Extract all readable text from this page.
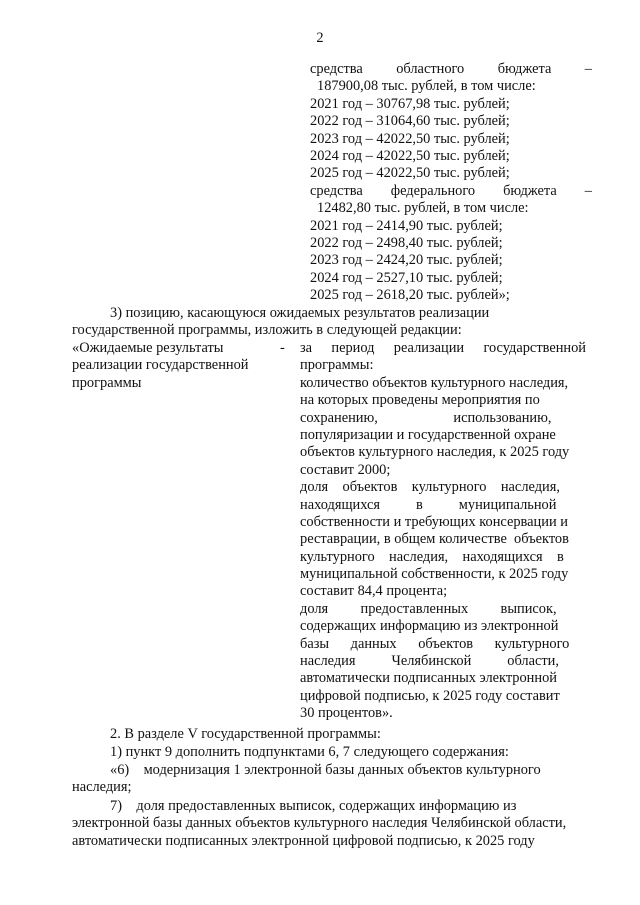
2
средства областного бюджета –
187900,08 тыс. рублей, в том числе:
2021 год – 30767,98 тыс. рублей;
2022 год – 31064,60 тыс. рублей;
2023 год – 42022,50 тыс. рублей;
2024 год – 42022,50 тыс. рублей;
2025 год – 42022,50 тыс. рублей;
средства федерального бюджета –
12482,80 тыс. рублей, в том числе:
2021 год – 2414,90 тыс. рублей;
2022 год – 2498,40 тыс. рублей;
2023 год – 2424,20 тыс. рублей;
2024 год – 2527,10 тыс. рублей;
2025 год – 2618,20 тыс. рублей»;
3) позицию, касающуюся ожидаемых результатов реализации
государственной программы, изложить в следующей редакции:
«Ожидаемые результаты
реализации государственной
программы
- за период реализации государственной
программы:
количество объектов культурного наследия,
на которых проведены мероприятия по
сохранению,                     использованию,
популяризации и государственной охране
объектов культурного наследия, к 2025 году
составит 2000;
доля    объектов    культурного    наследия,
находящихся          в          муниципальной
собственности и требующих консервации и
реставрации, в общем количестве  объектов
культурного    наследия,    находящихся    в
муниципальной собственности, к 2025 году
составит 84,4 процента;
доля         предоставленных         выписок,
содержащих информацию из электронной
базы      данных      объектов      культурного
наследия          Челябинской          области,
автоматически подписанных электронной
цифровой подписью, к 2025 году составит
30 процентов».
2. В разделе V государственной программы:
1) пункт 9 дополнить подпунктами 6, 7 следующего содержания:
«6)    модернизация 1 электронной базы данных объектов культурного
наследия;
7)    доля предоставленных выписок, содержащих информацию из
электронной базы данных объектов культурного наследия Челябинской области,
автоматически подписанных электронной цифровой подписью, к 2025 году
